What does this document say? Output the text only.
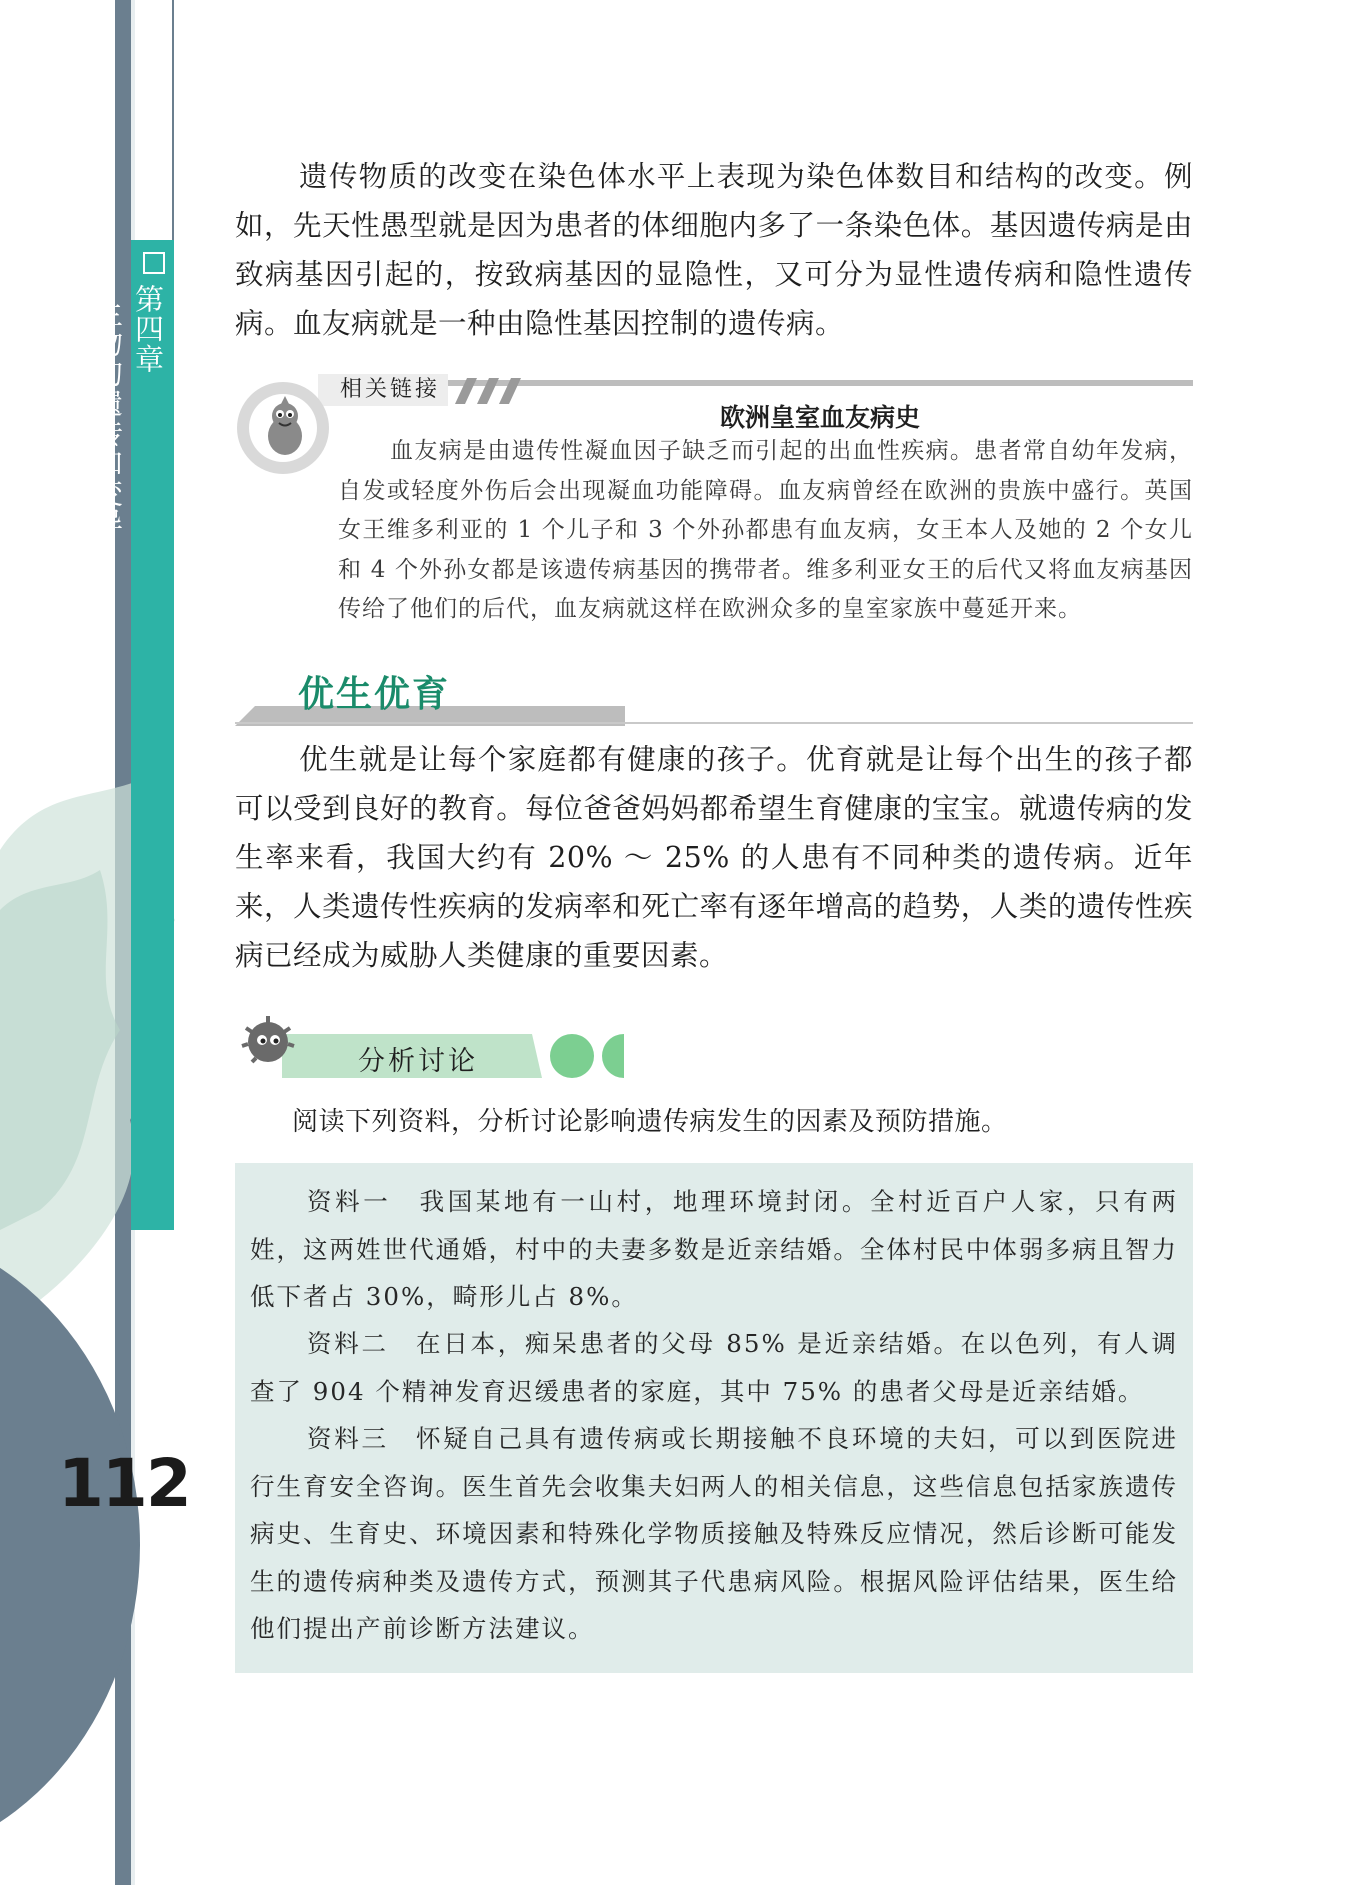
第四章
生物的遗传和变异
112
遗传物质的改变在染色体水平上表现为染色体数目和结构的改变。例如，先天性愚型就是因为患者的体细胞内多了一条染色体。基因遗传病是由致病基因引起的，按致病基因的显隐性，又可分为显性遗传病和隐性遗传病。血友病就是一种由隐性基因控制的遗传病。
相关链接
欧洲皇室血友病史
血友病是由遗传性凝血因子缺乏而引起的出血性疾病。患者常自幼年发病，自发或轻度外伤后会出现凝血功能障碍。血友病曾经在欧洲的贵族中盛行。英国女王维多利亚的 1 个儿子和 3 个外孙都患有血友病，女王本人及她的 2 个女儿和 4 个外孙女都是该遗传病基因的携带者。维多利亚女王的后代又将血友病基因传给了他们的后代，血友病就这样在欧洲众多的皇室家族中蔓延开来。
优生优育
优生就是让每个家庭都有健康的孩子。优育就是让每个出生的孩子都可以受到良好的教育。每位爸爸妈妈都希望生育健康的宝宝。就遗传病的发生率来看，我国大约有 20% ～ 25% 的人患有不同种类的遗传病。近年来，人类遗传性疾病的发病率和死亡率有逐年增高的趋势，人类的遗传性疾病已经成为威胁人类健康的重要因素。
分析讨论
阅读下列资料，分析讨论影响遗传病发生的因素及预防措施。
资料一　我国某地有一山村，地理环境封闭。全村近百户人家，只有两姓，这两姓世代通婚，村中的夫妻多数是近亲结婚。全体村民中体弱多病且智力低下者占 30%，畸形儿占 8%。
资料二　在日本，痴呆患者的父母 85% 是近亲结婚。在以色列，有人调查了 904 个精神发育迟缓患者的家庭，其中 75% 的患者父母是近亲结婚。
资料三　怀疑自己具有遗传病或长期接触不良环境的夫妇，可以到医院进行生育安全咨询。医生首先会收集夫妇两人的相关信息，这些信息包括家族遗传病史、生育史、环境因素和特殊化学物质接触及特殊反应情况，然后诊断可能发生的遗传病种类及遗传方式，预测其子代患病风险。根据风险评估结果，医生给他们提出产前诊断方法建议。
